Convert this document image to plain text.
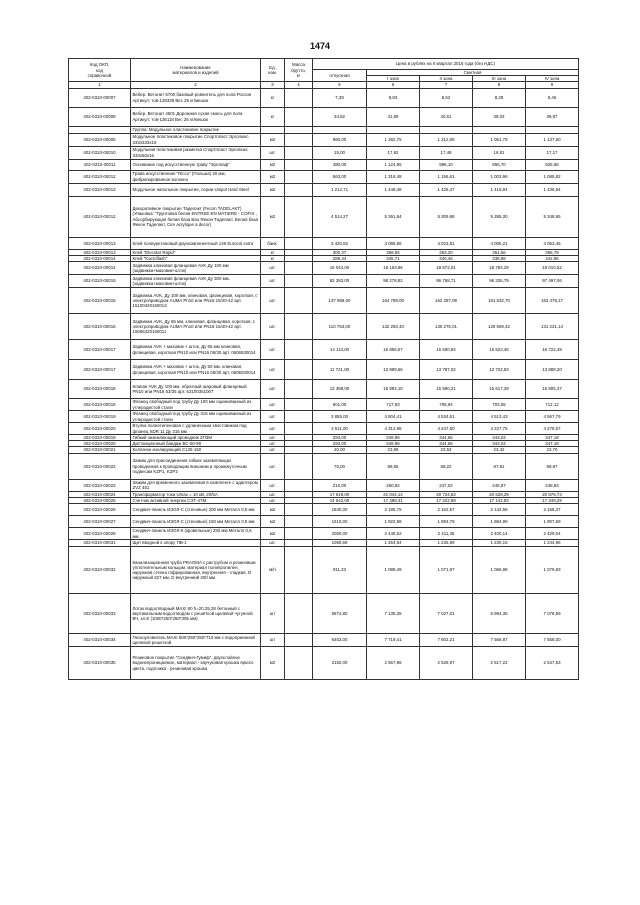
1474
Код ОКП,
код
справочной	Наименование
материалов и изделий	Ед.
изм.	Масса
брутто,
кг	Цена в рублях на II квартал 2016 года (без НДС)				
				отпускная	Сметная			
					I зона	II зона	III зона	IV зона
1	2	3	4	5	6	7	8	9
402-0310-00007	Вебер. Ветонит 5700 базовый ровнитель для пола Россия Артикул: тов-128339 Вес 25 кг/мешок	кг		7,39	8,83	8,62	8,28	8,46
402-0310-00008	Вебер. Ветонит 4601 Дорожная сухая смесь для пола Артикул: тов-136118 Вес 25 кг/мешок	кг		34,82	41,59	40,61	39,03	39,87
	Группа: Модульное пластиковое покрытие							
402-0310-00005	Модульное пластиковое покрытие Спортпласт Эрголюкс 333х333х16	м2		980,00	1 382,75	1 212,08	1 051,79	1 137,60
402-0310-00010	Модульная пластиковая разметка Спортпласт Эрголюкс 333х50х16	шт.		15,00	17,92	17,49	16,81	17,17
402-0310-00011	Основание под искусственную траву "Эргопаф"	м2		480,00	1 124,95	986,10	855,70	925,58
402-0310-00012	Трава искусственная "Ricco" (Польша) 20 мм, фибрилированное волокно	м2		563,00	1 318,48	1 156,61	1 003,96	1 085,82
402-0310-00013	Модульное напольное покрытие, серии Unipol Hard Steel	м2		1 212,71	1 448,48	1 426,47	1 419,84	1 436,94
402-0310-00012	Декоративное покрытие Таделакт (Fecon TADELAKT) (Упаковка: "Грунтовка белая ENTREE EN MATIERE - COFIX , Абсорбирующая белая база Бао Фекон Таделакт, Белая база Фекон Таделакт, Cire acrylique a decor)	м2		4 514,27	5 391,84	5 309,98	5 285,30	5 348,95
402-0310-00013	Клей полиуретановый двухкомпонентный 149 Eurocol extra	банк.		3 420,82	4 085,86	4 023,81	4 005,21	4 053,45
402-0310-00013	Клей "Elecstar Rapid"	кг		300,37	358,84	353,20	351,56	355,79
402-0310-00014	Клей "Kactoflash"	кг		289,44	345,71	340,46	338,88	342,96
402-0310-00014	Задвижка клиновая фланцевая AVK Ду 100 мм (задвижка+маховик+шток)	шт.		16 044,00	19 163,96	18 872,01	18 784,29	19 010,52
402-0310-00015	Задвижка клиновая фланцевая AVK Ду 300 мм. (задвижка+маховик+шток)	шт.		82 283,00	98 278,82	96 768,71	96 336,79	97 497,06
402-0310-00015	Задвижка AVK, Ду 100 мм, клиновая, фланцевая, короткая, с электроприводом AUMA Pn10 или PN16 15/40-42 арт. 15100420160013	шт.		137 968,00	164 789,00	162 287,09	161 532,70	163 478,17
402-0310-00016	Задвижка AVK, Ду 65 мм, клиновая, фланцевая, короткая, с электроприводом AUMA Pn10 или PN16 15/40-42 арт. 15065420160011	шт.		110 753,00	132 283,40	130 275,01	129 669,42	131 231,14
402-0310-00017	Задвижка AVK + маховик + шток, Ду 65 мм клиновая, фланцевая, короткая PN10 или PN16 06/30 арт. 0606530014	шт.		14 113,00	16 856,57	16 600,84	16 523,46	16 722,48
402-0310-00017	Задвижка AVK + маховик + шток, Ду 50 мм. клиновая, фланцевая, короткая PN10 или PN16 06/30 арт. 0605030014	шт.		11 721,00	13 999,56	13 787,02	13 722,83	13 888,20
402-0310-00018	Клапан AVK Ду 100 мм. обратный шаровый фланцевый PN10 или PN16 53/35 арт. 53100351007	шт.		13 398,00	15 992,10	15 590,21	15 617,29	15 805,37
402-0310-00019	Фланец свободный под трубу Ду 100 мм оцинкованный из углеродистой стали	шт.		601,00	717,83	706,94	703,65	712,12
402-0310-00019	Фланец свободный под трубу Ду 315 мм оцинкованный из углеродистой стали	шт.		3 855,00	4 604,41	4 534,51	4 513,43	4 567,79
402-0310-00020	Втулка полиэтиленовая с удлиненным хвостовиком под фланец SDR 11 Ду 315 мм	шт.		3 611,00	4 312,98	4 247,50	4 227,75	4 278,67
402-0310-00019	Гибкий заземляющий проводник ЗПЗМ	шт.		293,00	349,96	344,65	343,04	347,18
402-0310-00020	Дистанционный бандаж БС-50-90	шт.		293,00	349,96	344,65	343,04	347,18
402-0310-00021	Колпачок изолирующий С125-150	шт.		20,00	23,89	23,53	23,42	23,70
402-0310-00022	Зажим для присоединения гибких заземляющих проводников к проводящим внешним и промежуточным подвесам KZP1, KZP2	шт.		75,00	89,55	88,22	87,81	88,87
402-0310-00023	Зажим для временного заземления в комплекте с адаптером ZVZ 451	шт.		210,00	250,82	247,02	245,87	248,83
402-0310-00024	Трансформатор тока Umax = 10 кВ, 20/5А	шт.		17 619,00	21 044,14	20 724,63	20 628,29	20 876,74
402-0310-00025	Счетчик активной энергии СЭТ-4ТМ	шт.		14 642,00	17 488,41	17 222,89	17 142,83	17 349,29
402-0310-00026	Сендвич-панель ИЗОЛ-С (стеновые) 200 мм Металл 0,5 мм	м2		1830,00	2 185,75	2 152,57	2 142,56	2 168,37
402-0310-00027	Сендвич-панель ИЗОЛ-С (стеновые) 150 мм Металл 0,5 мм	м2		1610,00	1 922,98	1 893,79	1 884,99	1 907,69
402-0310-00028	Сендвич-панель ИЗОЛ-К (кровельные) 250 мм Металл 0,5 мм	м2		2050,00	2 448,52	2 411,35	2 400,14	2 429,04
402-0310-00031	Щит вводной к опору ПВ-1	шт.		1050,69	1 254,94	1 235,89	1 230,15	1 244,96
402-0310-00032	Канализационная труба PRAGMA с раструбом и резиновым уплотнительным кольцом, материал полипропилен, наружная стенка гофрированная, внутренняя - гладкая, D наружный 227 мм, D внутренний 200 мм.	м/п		911,33	1 088,49	1 071,97	1 066,98	1 079,83
402-0310-00033	Лоток водоотводный MAXI 80 h=20,29,28 бетонный с вертикальным водоотводом с решёткой щелевой чугунной ВЧ, кл.E (1000*250*250*305 мм)	шт		5874,80	7 135,35	7 027,01	6 994,35	7 078,59
402-0310-00034	Пескоуловитель MAXI 500*250*250*710 мм с водоприемной щелевой решеткой	шт		6463,00	7 719,41	7 602,21	7 566,87	7 658,00
402-0310-00035	Резиновое покрытие "Сендвич-Гумиф", двухслойное водонепроницаемое, материал - каучуковая крошка яркого цвета, подложка - резиновая крошка	м2		2150,00	2 567,96	2 528,97	2 517,22	2 547,53
